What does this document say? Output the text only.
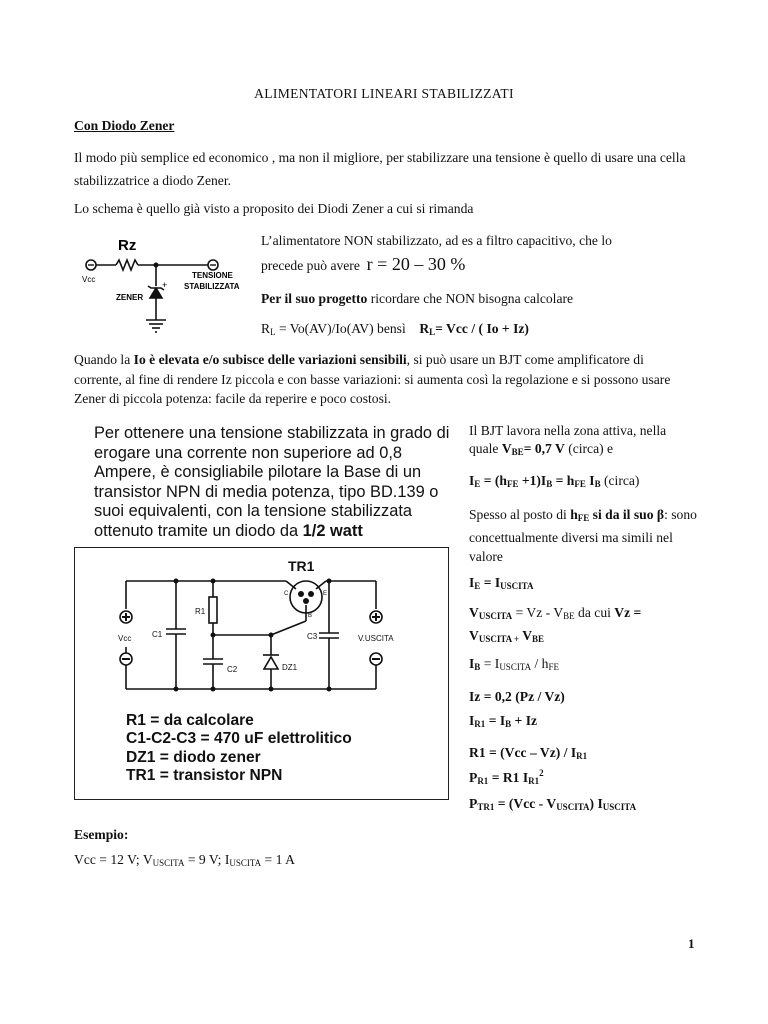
ALIMENTATORI LINEARI STABILIZZATI
Con Diodo Zener
Il modo più semplice ed economico , ma non il migliore, per stabilizzare una tensione è quello di usare una cella stabilizzatrice a diodo Zener.
Lo schema è quello già visto a proposito dei Diodi Zener a cui si rimanda
Rz
Vcc
ZENER
+
TENSIONE
STABILIZZATA
L’alimentatore NON stabilizzato, ad es a filtro capacitivo, che lo
precede può avere r = 20 – 30 %
Per il suo progetto ricordare che NON bisogna calcolare
$R_L = Vo(AV)/Io(AV)$ bensì $R_L=$ Vcc / ( Io + Iz)
Quando la Io è elevata e/o subisce delle variazioni sensibili, si può usare un BJT come amplificatore di corrente, al fine di rendere Iz piccola e con basse variazioni: si aumenta così la regolazione e si possono usare Zener di piccola potenza: facile da reperire e poco costosi.
Per ottenere una tensione stabilizzata in grado di erogare una corrente non superiore ad 0,8 Ampere, è consigliabile pilotare la Base di un transistor NPN di media potenza, tipo BD.139 o suoi equivalenti, con la tensione stabilizzata ottenuto tramite un diodo da 1/2 watt
TR1
R1
C1
C2
C3
DZ1
Vcc	V.USCITA
C	E
B
R1 = da calcolare
C1-C2-C3 = 470 uF elettrolitico
DZ1 = diodo zener
TR1 = transistor NPN
Il BJT lavora nella zona attiva, nella
quale $V_{BE}= 0,7$ V (circa) e
$I_E = (h_{FE} +1)I_B = h_{FE}$ $I_B$ (circa)
Spesso al posto di $h_{FE}$ si da il suo β: sono concettualmente diversi ma simili nel valore
$I_E = I_{USCITA}$
$V_{USCITA} = Vz - V_{BE}$ da cui Vz =
$V_{USCITA +}$ $V_{BE}$
$I_B = I_{USCITA} / h_{FE}$
Iz = 0,2 (Pz / Vz)
$I_{R1} = I_B + Iz$
$R1 = (Vcc - Vz) / I_{R1}$
$P_{R1} = R1$ $I_{R1}^2$
$P_{TR1} = (Vcc - V_{USCITA})$ $I_{USCITA}$
Esempio:
Vcc = 12 V; $V_{USCITA} = 9$ V; $I_{USCITA} = 1$ A
1
